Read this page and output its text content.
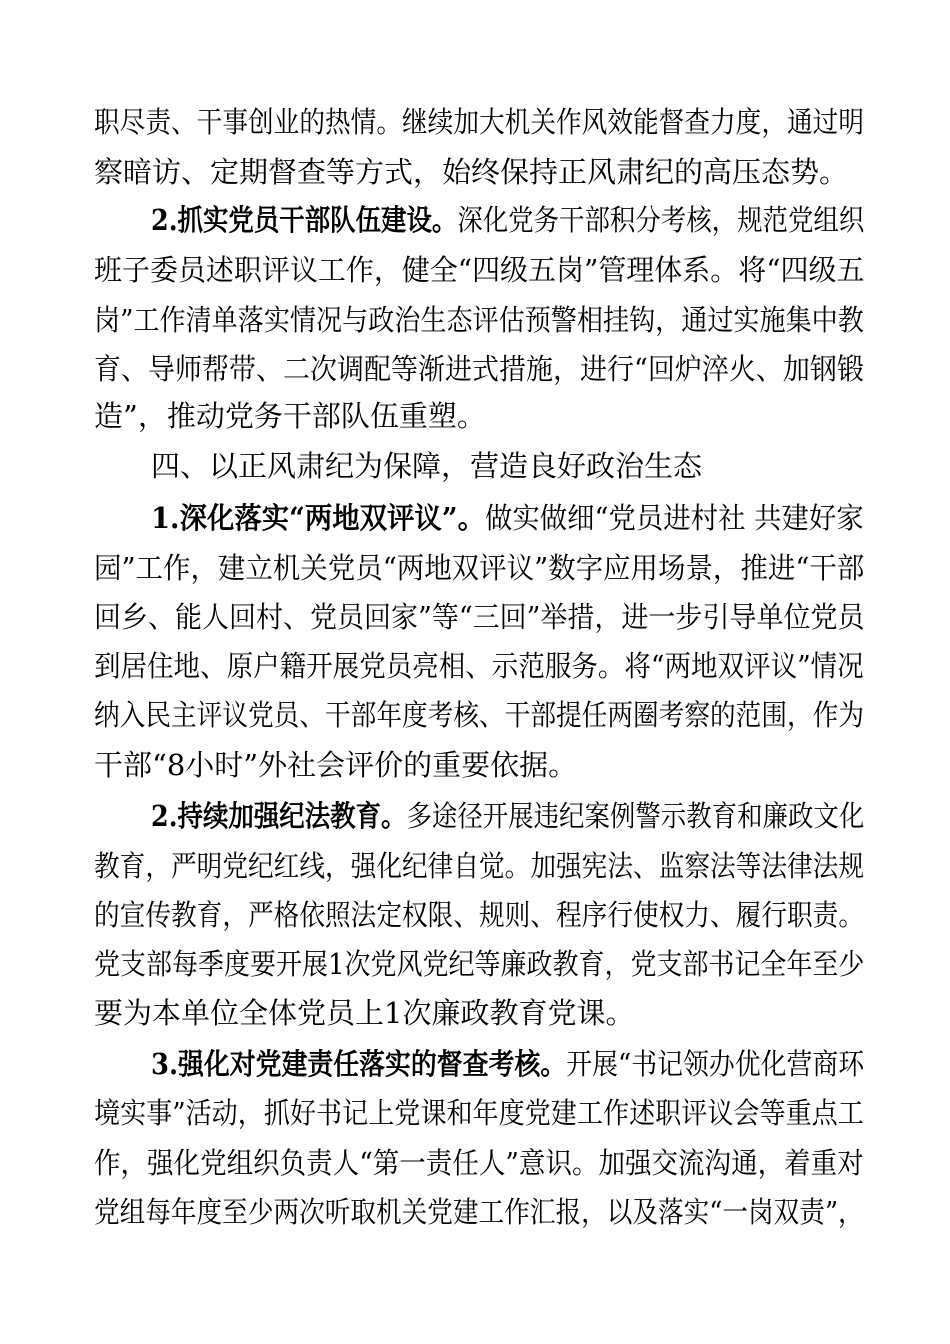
职尽责、干事创业的热情。继续加大机关作风效能督查力度，通过明
察暗访、定期督查等方式，始终保持正风肃纪的高压态势。
2.抓实党员干部队伍建设。深化党务干部积分考核，规范党组织
班子委员述职评议工作，健全“四级五岗”管理体系。将“四级五
岗”工作清单落实情况与政治生态评估预警相挂钩，通过实施集中教
育、导师帮带、二次调配等渐进式措施，进行“回炉淬火、加钢锻
造”，推动党务干部队伍重塑。
四、以正风肃纪为保障，营造良好政治生态
1.深化落实“两地双评议”。做实做细“党员进村社 共建好家
园”工作，建立机关党员“两地双评议”数字应用场景，推进“干部
回乡、能人回村、党员回家”等“三回”举措，进一步引导单位党员
到居住地、原户籍开展党员亮相、示范服务。将“两地双评议”情况
纳入民主评议党员、干部年度考核、干部提任两圈考察的范围，作为
干部“8小时”外社会评价的重要依据。
2.持续加强纪法教育。多途径开展违纪案例警示教育和廉政文化
教育，严明党纪红线，强化纪律自觉。加强宪法、监察法等法律法规
的宣传教育，严格依照法定权限、规则、程序行使权力、履行职责。
党支部每季度要开展1次党风党纪等廉政教育，党支部书记全年至少
要为本单位全体党员上1次廉政教育党课。
3.强化对党建责任落实的督查考核。开展“书记领办优化营商环
境实事”活动，抓好书记上党课和年度党建工作述职评议会等重点工
作，强化党组织负责人“第一责任人”意识。加强交流沟通，着重对
党组每年度至少两次听取机关党建工作汇报，以及落实“一岗双责”，
